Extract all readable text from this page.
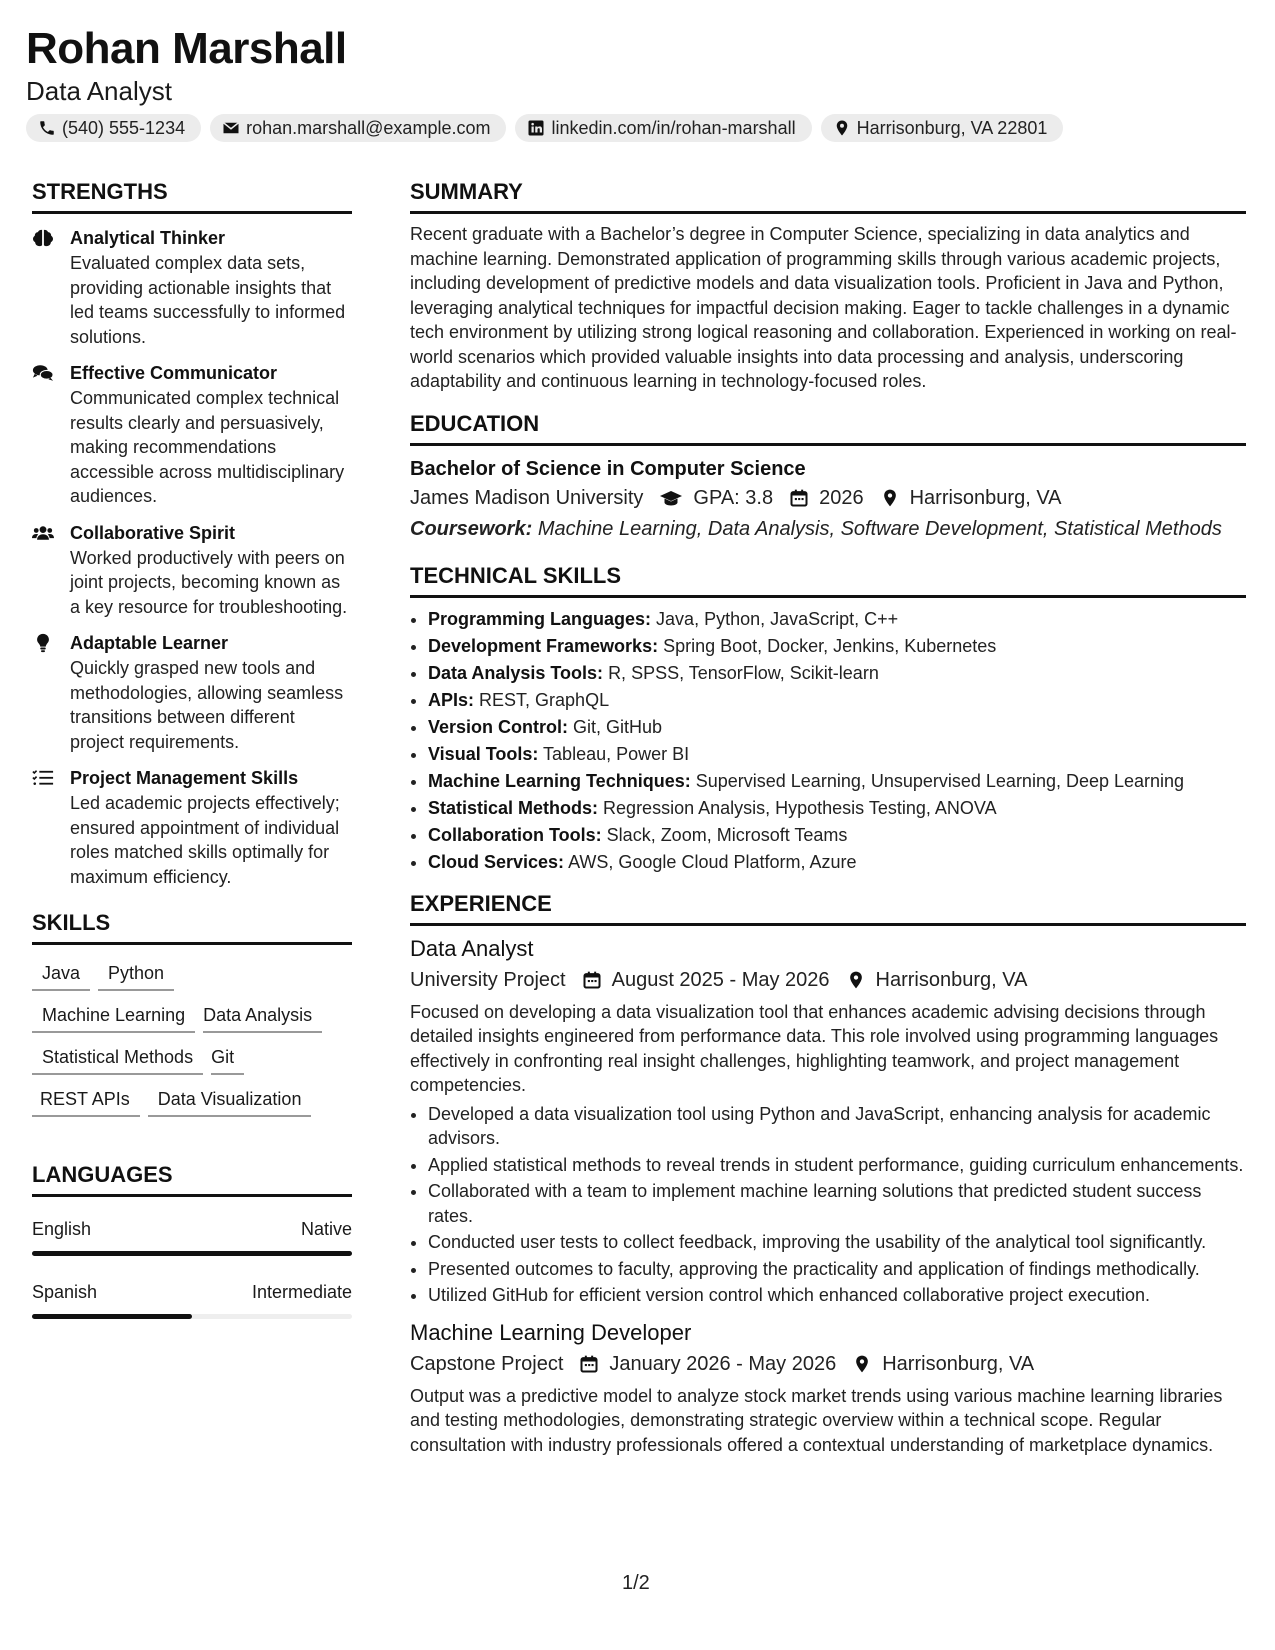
Rohan Marshall
Data Analyst
(540) 555-1234	rohan.marshall@example.com	linkedin.com/in/rohan-marshall	Harrisonburg, VA 22801
STRENGTHS
Analytical Thinker
Evaluated complex data sets, providing actionable insights that led teams successfully to informed solutions.
Effective Communicator
Communicated complex technical results clearly and persuasively, making recommendations accessible across multidisciplinary audiences.
Collaborative Spirit
Worked productively with peers on joint projects, becoming known as a key resource for troubleshooting.
Adaptable Learner
Quickly grasped new tools and methodologies, allowing seamless transitions between different project requirements.
Project Management Skills
Led academic projects effectively; ensured appointment of individual roles matched skills optimally for maximum efficiency.
SKILLS
Java	Python
Machine Learning	Data Analysis
Statistical Methods	Git
REST APIs	Data Visualization
LANGUAGES
English	Native
Spanish	Intermediate
SUMMARY
Recent graduate with a Bachelor’s degree in Computer Science, specializing in data analytics and machine learning. Demonstrated application of programming skills through various academic projects, including development of predictive models and data visualization tools. Proficient in Java and Python, leveraging analytical techniques for impactful decision making. Eager to tackle challenges in a dynamic tech environment by utilizing strong logical reasoning and collaboration. Experienced in working on real-world scenarios which provided valuable insights into data processing and analysis, underscoring adaptability and continuous learning in technology-focused roles.
EDUCATION
Bachelor of Science in Computer Science
James Madison University	GPA: 3.8 2026 Harrisonburg, VA
Coursework: Machine Learning, Data Analysis, Software Development, Statistical Methods
TECHNICAL SKILLS
• Programming Languages: Java, Python, JavaScript, C++
• Development Frameworks: Spring Boot, Docker, Jenkins, Kubernetes
• Data Analysis Tools: R, SPSS, TensorFlow, Scikit-learn
• APIs: REST, GraphQL
• Version Control: Git, GitHub
• Visual Tools: Tableau, Power BI
• Machine Learning Techniques: Supervised Learning, Unsupervised Learning, Deep Learning
• Statistical Methods: Regression Analysis, Hypothesis Testing, ANOVA
• Collaboration Tools: Slack, Zoom, Microsoft Teams
• Cloud Services: AWS, Google Cloud Platform, Azure
EXPERIENCE
Data Analyst
University Project August 2025 - May 2026 Harrisonburg, VA
Focused on developing a data visualization tool that enhances academic advising decisions through detailed insights engineered from performance data. This role involved using programming languages effectively in confronting real insight challenges, highlighting teamwork, and project management competencies.
• Developed a data visualization tool using Python and JavaScript, enhancing analysis for academic advisors.
• Applied statistical methods to reveal trends in student performance, guiding curriculum enhancements.
• Collaborated with a team to implement machine learning solutions that predicted student success rates.
• Conducted user tests to collect feedback, improving the usability of the analytical tool significantly.
• Presented outcomes to faculty, approving the practicality and application of findings methodically.
• Utilized GitHub for efficient version control which enhanced collaborative project execution.
Machine Learning Developer
Capstone Project January 2026 - May 2026 Harrisonburg, VA
Output was a predictive model to analyze stock market trends using various machine learning libraries and testing methodologies, demonstrating strategic overview within a technical scope. Regular consultation with industry professionals offered a contextual understanding of marketplace dynamics.
1/2
